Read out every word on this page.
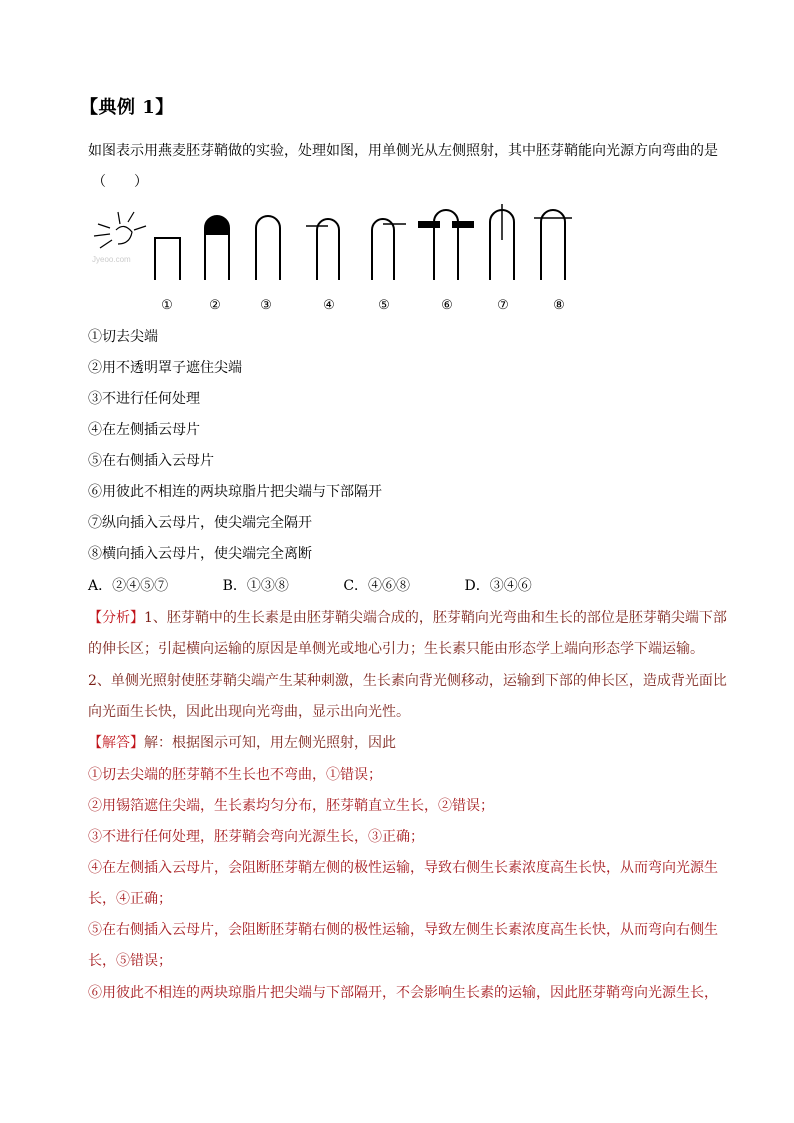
【典例 1】
如图表示用燕麦胚芽鞘做的实验，处理如图，用单侧光从左侧照射，其中胚芽鞘能向光源方向弯曲的是
（　　）
Jyeoo.com
①	②	③	④	⑤	⑥	⑦	⑧
①切去尖端
②用不透明罩子遮住尖端
③不进行任何处理
④在左侧插云母片
⑤在右侧插入云母片
⑥用彼此不相连的两块琼脂片把尖端与下部隔开
⑦纵向插入云母片，使尖端完全隔开
⑧横向插入云母片，使尖端完全离断
A．②④⑤⑦	B．①③⑧	C．④⑥⑧	D．③④⑥
【分析】1、胚芽鞘中的生长素是由胚芽鞘尖端合成的，胚芽鞘向光弯曲和生长的部位是胚芽鞘尖端下部
的伸长区；引起横向运输的原因是单侧光或地心引力；生长素只能由形态学上端向形态学下端运输。
2、单侧光照射使胚芽鞘尖端产生某种刺激，生长素向背光侧移动，运输到下部的伸长区，造成背光面比
向光面生长快，因此出现向光弯曲，显示出向光性。
【解答】解：根据图示可知，用左侧光照射，因此
①切去尖端的胚芽鞘不生长也不弯曲，①错误；
②用锡箔遮住尖端，生长素均匀分布，胚芽鞘直立生长，②错误；
③不进行任何处理，胚芽鞘会弯向光源生长，③正确；
④在左侧插入云母片，会阻断胚芽鞘左侧的极性运输，导致右侧生长素浓度高生长快，从而弯向光源生
长，④正确；
⑤在右侧插入云母片，会阻断胚芽鞘右侧的极性运输，导致左侧生长素浓度高生长快，从而弯向右侧生
长，⑤错误；
⑥用彼此不相连的两块琼脂片把尖端与下部隔开，不会影响生长素的运输，因此胚芽鞘弯向光源生长，
